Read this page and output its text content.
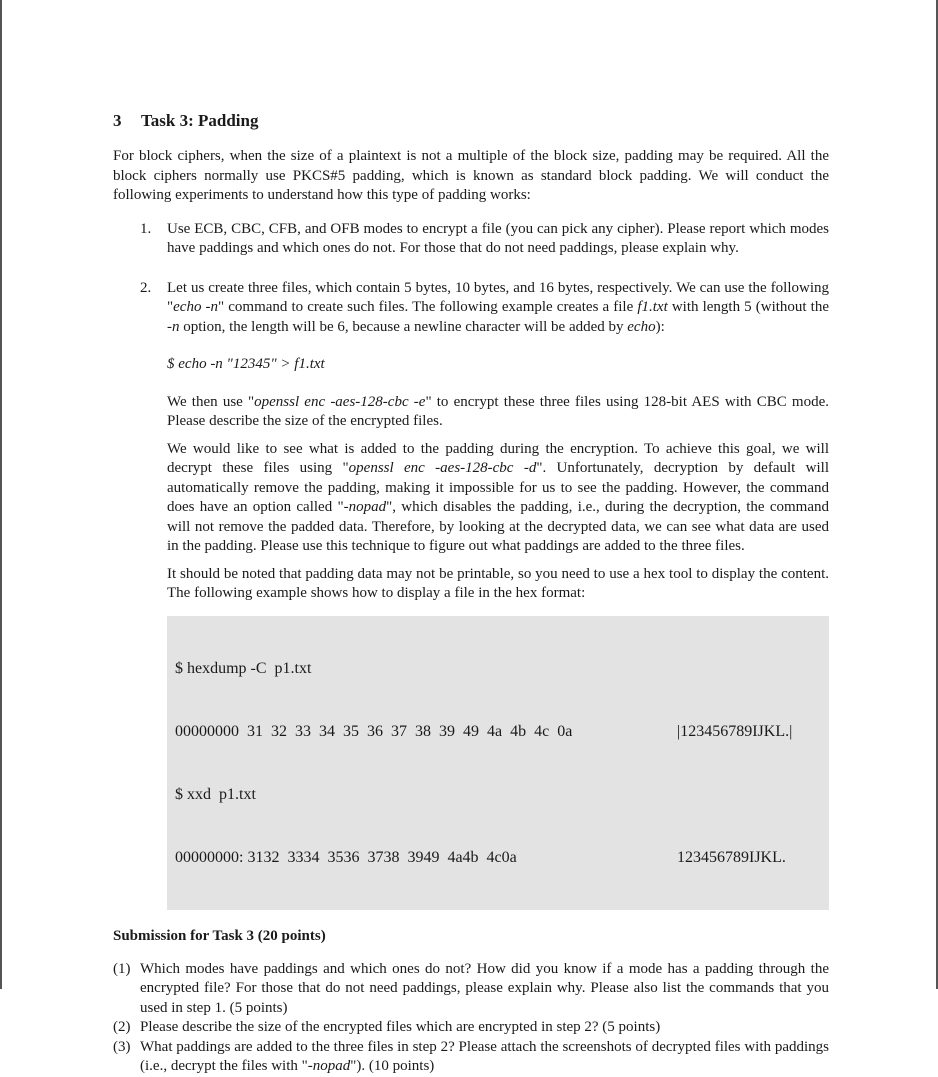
3 Task 3: Padding

For block ciphers, when the size of a plaintext is not a multiple of the block size, padding may be required. All the block ciphers normally use PKCS#5 padding, which is known as standard block padding. We will conduct the following experiments to understand how this type of padding works:

1. Use ECB, CBC, CFB, and OFB modes to encrypt a file (you can pick any cipher). Please report which modes have paddings and which ones do not. For those that do not need paddings, please explain why.

2. Let us create three files, which contain 5 bytes, 10 bytes, and 16 bytes, respectively. We can use the following "echo -n" command to create such files. The following example creates a file f1.txt with length 5 (without the -n option, the length will be 6, because a newline character will be added by echo):

$ echo -n "12345" > f1.txt

We then use "openssl enc -aes-128-cbc -e" to encrypt these three files using 128-bit AES with CBC mode. Please describe the size of the encrypted files.

We would like to see what is added to the padding during the encryption. To achieve this goal, we will decrypt these files using "openssl enc -aes-128-cbc -d". Unfortunately, decryption by default will automatically remove the padding, making it impossible for us to see the padding. However, the command does have an option called "-nopad", which disables the padding, i.e., during the decryption, the command will not remove the padded data. Therefore, by looking at the decrypted data, we can see what data are used in the padding. Please use this technique to figure out what paddings are added to the three files.

It should be noted that padding data may not be printable, so you need to use a hex tool to display the content. The following example shows how to display a file in the hex format:

$ hexdump -C  p1.txt

00000000  31  32  33  34  35  36  37  38  39  49  4a  4b  4c  0a	|123456789IJKL.|

$ xxd  p1.txt

00000000: 3132  3334  3536  3738  3949  4a4b  4c0a	123456789IJKL.

Submission for Task 3 (20 points)
(1) Which modes have paddings and which ones do not? How did you know if a mode has a padding through the encrypted file? For those that do not need paddings, please explain why. Please also list the commands that you used in step 1. (5 points)
(2) Please describe the size of the encrypted files which are encrypted in step 2? (5 points)
(3) What paddings are added to the three files in step 2? Please attach the screenshots of decrypted files with paddings (i.e., decrypt the files with "-nopad"). (10 points)
